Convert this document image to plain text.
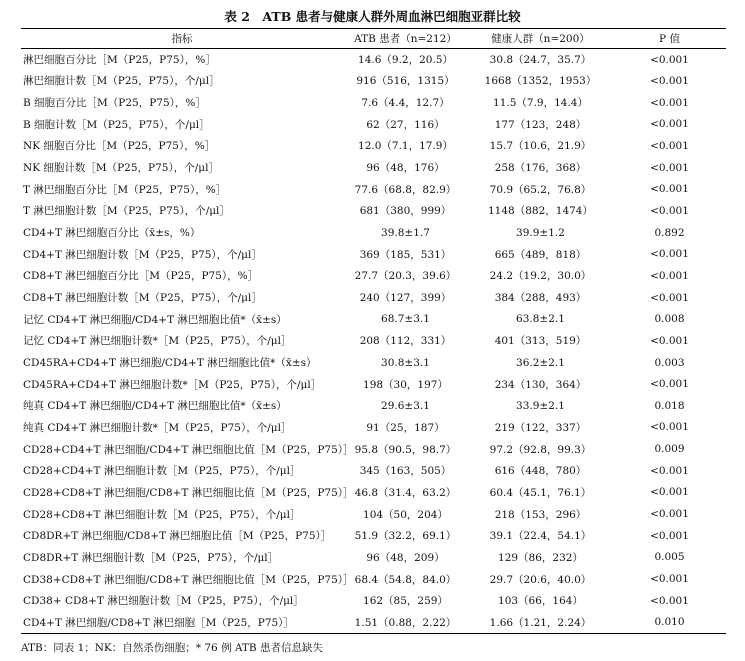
表 2　ATB 患者与健康人群外周血淋巴细胞亚群比较
指标	ATB 患者（n=212）	健康人群（n=200）	P 值
淋巴细胞百分比［M（P25，P75），%］	14.6（9.2，20.5）	30.8（24.7，35.7）	<0.001
淋巴细胞计数［M（P25，P75），个/μl］	916（516，1315）	1668（1352，1953）	<0.001
B 细胞百分比［M（P25，P75），%］	7.6（4.4，12.7）	11.5（7.9，14.4）	<0.001
B 细胞计数［M（P25，P75），个/μl］	62（27，116）	177（123，248）	<0.001
NK 细胞百分比［M（P25，P75），%］	12.0（7.1，17.9）	15.7（10.6，21.9）	<0.001
NK 细胞计数［M（P25，P75），个/μl］	96（48，176）	258（176，368）	<0.001
T 淋巴细胞百分比［M（P25，P75），%］	77.6（68.8，82.9）	70.9（65.2，76.8）	<0.001
T 淋巴细胞计数［M（P25，P75），个/μl］	681（380，999）	1148（882，1474）	<0.001
CD4+T 淋巴细胞百分比（x̄±s，%）	39.8±1.7	39.9±1.2	0.892
CD4+T 淋巴细胞计数［M（P25，P75），个/μl］	369（185，531）	665（489，818）	<0.001
CD8+T 淋巴细胞百分比［M（P25，P75），%］	27.7（20.3，39.6）	24.2（19.2，30.0）	<0.001
CD8+T 淋巴细胞计数［M（P25，P75），个/μl］	240（127，399）	384（288，493）	<0.001
记忆 CD4+T 淋巴细胞/CD4+T 淋巴细胞比值*（x̄±s）	68.7±3.1	63.8±2.1	0.008
记忆 CD4+T 淋巴细胞计数*［M（P25，P75），个/μl］	208（112，331）	401（313，519）	<0.001
CD45RA+CD4+T 淋巴细胞/CD4+T 淋巴细胞比值*（x̄±s）	30.8±3.1	36.2±2.1	0.003
CD45RA+CD4+T 淋巴细胞计数*［M（P25，P75），个/μl］	198（30，197）	234（130，364）	<0.001
纯真 CD4+T 淋巴细胞/CD4+T 淋巴细胞比值*（x̄±s）	29.6±3.1	33.9±2.1	0.018
纯真 CD4+T 淋巴细胞计数*［M（P25，P75），个/μl］	91（25，187）	219（122，337）	<0.001
CD28+CD4+T 淋巴细胞/CD4+T 淋巴细胞比值［M（P25，P75）］	95.8（90.5，98.7）	97.2（92.8，99.3）	0.009
CD28+CD4+T 淋巴细胞计数［M（P25，P75），个/μl］	345（163，505）	616（448，780）	<0.001
CD28+CD8+T 淋巴细胞/CD8+T 淋巴细胞比值［M（P25，P75）］	46.8（31.4，63.2）	60.4（45.1，76.1）	<0.001
CD28+CD8+T 淋巴细胞计数［M（P25，P75），个/μl］	104（50，204）	218（153，296）	<0.001
CD8DR+T 淋巴细胞/CD8+T 淋巴细胞比值［M（P25，P75）］	51.9（32.2，69.1）	39.1（22.4，54.1）	<0.001
CD8DR+T 淋巴细胞计数［M（P25，P75），个/μl］	96（48，209）	129（86，232）	0.005
CD38+CD8+T 淋巴细胞/CD8+T 淋巴细胞比值［M（P25，P75）］	68.4（54.8，84.0）	29.7（20.6，40.0）	<0.001
CD38+ CD8+T 淋巴细胞计数［M（P25，P75），个/μl］	162（85，259）	103（66，164）	<0.001
CD4+T 淋巴细胞/CD8+T 淋巴细胞［M（P25，P75）］	1.51（0.88，2.22）	1.66（1.21，2.24）	0.010
ATB：同表 1；NK：自然杀伤细胞；* 76 例 ATB 患者信息缺失
